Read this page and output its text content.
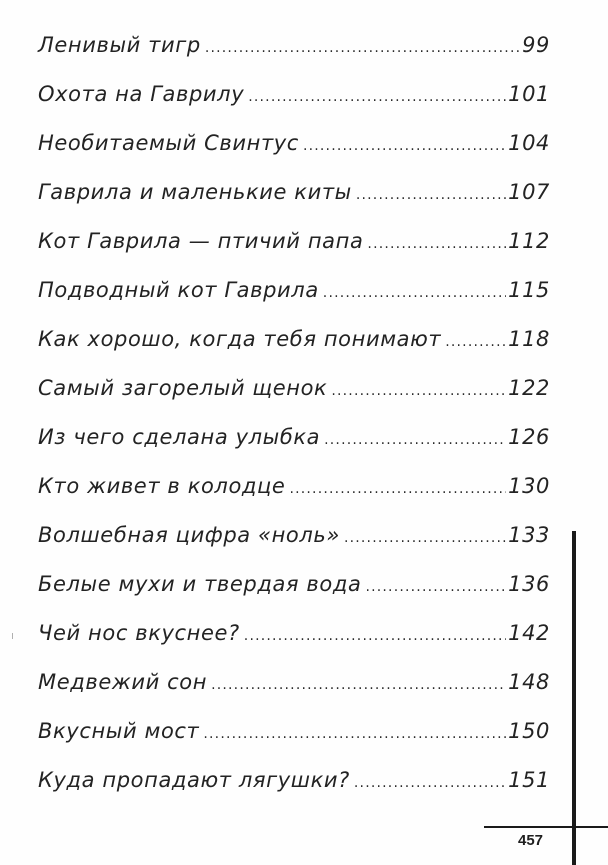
Ленивый тигр .....	99
Охота на Гаврилу .....	101
Необитаемый Свинтус .....	104
Гаврила и маленькие киты .....	107
Кот Гаврила — птичий папа .....	112
Подводный кот Гаврила .....	115
Как хорошо, когда тебя понимают .....	118
Самый загорелый щенок .....	122
Из чего сделана улыбка .....	126
Кто живет в колодце .....	130
Волшебная цифра «ноль» .....	133
Белые мухи и твердая вода .....	136
Чей нос вкуснее? .....	142
Медвежий сон .....	148
Вкусный мост .....	150
Куда пропадают лягушки? .....	151
457
